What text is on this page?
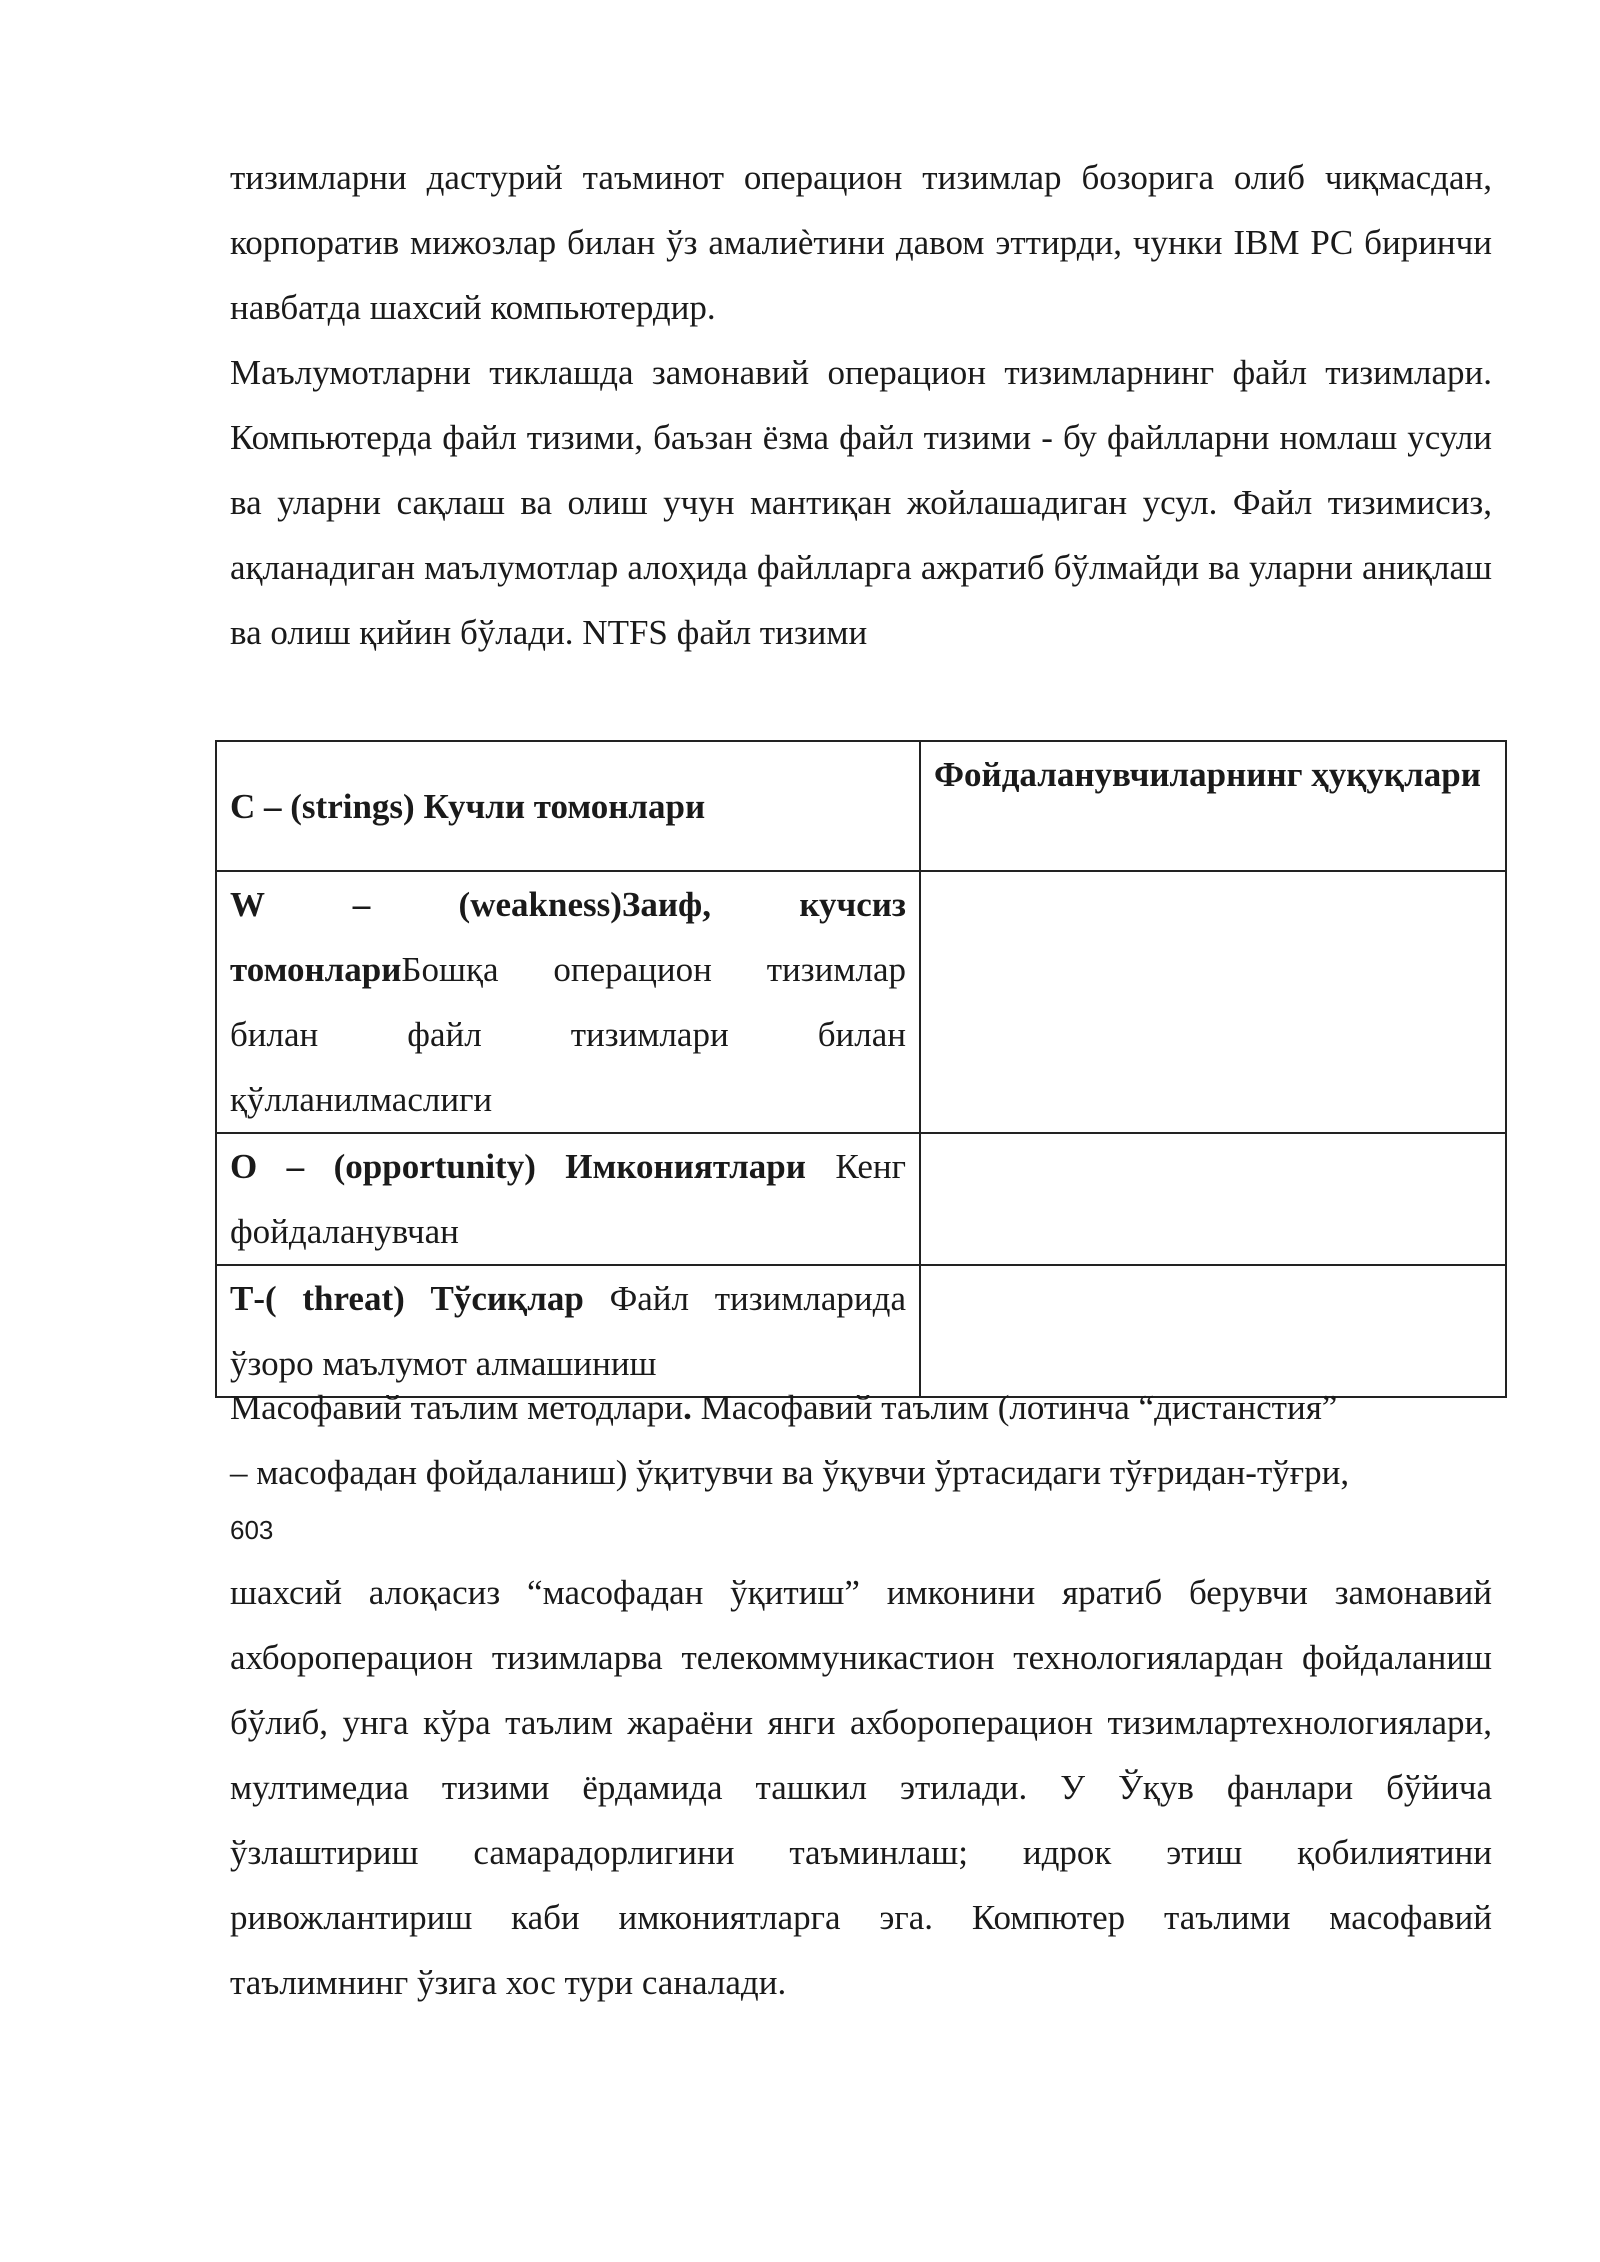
тизимларни дастурий таъминот операцион тизимлар бозорига олиб чиқмасдан, корпоратив мижозлар билан ўз амалиѐтини давом эттирди, чунки IBM PC биринчи навбатда шахсий компьютердир.

Маълумотларни тиклашда замонавий операцион тизимларнинг файл тизимлари. Компьютерда файл тизими, баъзан ёзма файл тизими - бу файлларни номлаш усули ва уларни сақлаш ва олиш учун мантиқан жойлашадиган усул. Файл тизимисиз, ақланадиган маълумотлар алоҳида файлларга ажратиб бўлмайди ва уларни аниқлаш ва олиш қийин бўлади. NTFS файл тизими

С – (strings) Кучли томонлари	Фойдаланувчиларнинг ҳуқуқлари
W – (weakness)Заиф, кучсиз томонлариБошқа операцион тизимлар билан файл тизимлари билан қўлланилмаслиги	
О – (opportunity) Имкониятлари Кенг фойдаланувчан	
Т-( threat) Тўсиқлар Файл тизимларида ўзоро маълумот алмашиниш	

Масофавий таълим методлари. Масофавий таълим (лотинча “дистанстия”
– масофадан фойдаланиш) ўқитувчи ва ўқувчи ўртасидаги тўғридан-тўғри,

603

шахсий алоқасиз “масофадан ўқитиш” имконини яратиб берувчи замонавий ахбороперацион тизимларва телекоммуникастион технологиялардан фойдаланиш бўлиб, унга кўра таълим жараёни янги ахбороперацион тизимлартехнологиялари, мултимедиа тизими ёрдамида ташкил этилади. У Ўқув фанлари бўйича ўзлаштириш самарадорлигини таъминлаш; идрок этиш қобилиятини ривожлантириш каби имкониятларга эга. Компютер таълими масофавий таълимнинг ўзига хос тури саналади.
